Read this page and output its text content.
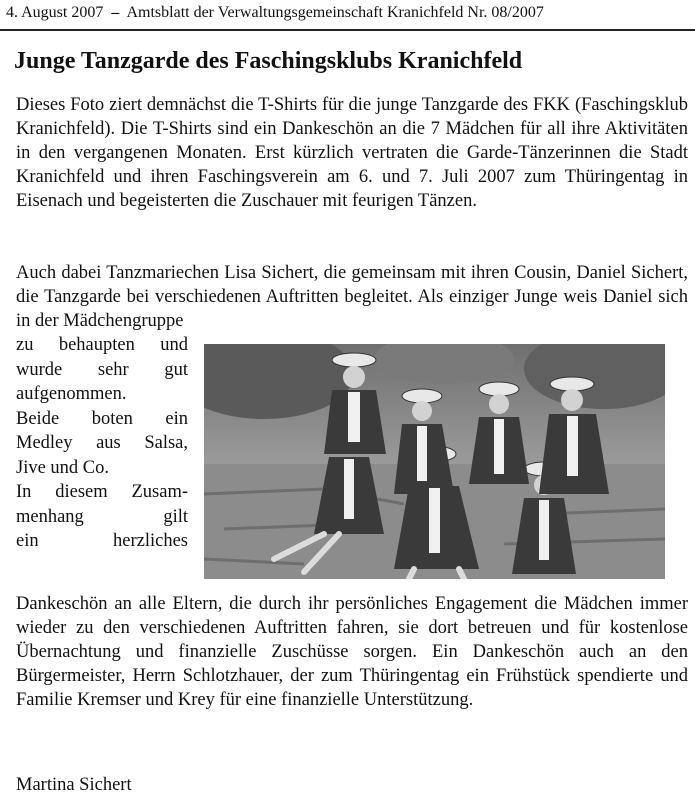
4. August 2007 – Amtsblatt der Verwaltungsgemeinschaft Kranichfeld Nr. 08/2007
Junge Tanzgarde des Faschingsklubs Kranichfeld

Dieses Foto ziert demnächst die T-Shirts für die junge Tanzgarde des FKK (Faschingsklub Kranichfeld). Die T-Shirts sind ein Dankeschön an die 7 Mädchen für all ihre Aktivitäten in den vergangenen Monaten. Erst kürzlich vertraten die Garde-Tänzerinnen die Stadt Kranichfeld und ihren Faschingsverein am 6. und 7. Juli 2007 zum Thüringentag in Eisenach und begeisterten die Zuschauer mit feurigen Tänzen.

Auch dabei Tanzmariechen Lisa Sichert, die gemeinsam mit ihren Cousin, Daniel Sichert, die Tanzgarde bei verschiedenen Auftritten begleitet. Als einziger Junge weis Daniel sich in der Mädchengruppe

zu behaupten und
wurde sehr gut
aufgenommen.
Beide boten ein
Medley aus Salsa,
Jive und Co.
In diesem Zusam-
menhang gilt
ein herzliches

Dankeschön an alle Eltern, die durch ihr persönliches Engagement die Mädchen immer wieder zu den verschiedenen Auftritten fahren, sie dort betreuen und für kostenlose Übernachtung und finanzielle Zuschüsse sorgen. Ein Dankeschön auch an den Bürgermeister, Herrn Schlotzhauer, der zum Thüringentag ein Frühstück spendierte und Familie Kremser und Krey für eine finanzielle Unterstützung.

Martina Sichert
